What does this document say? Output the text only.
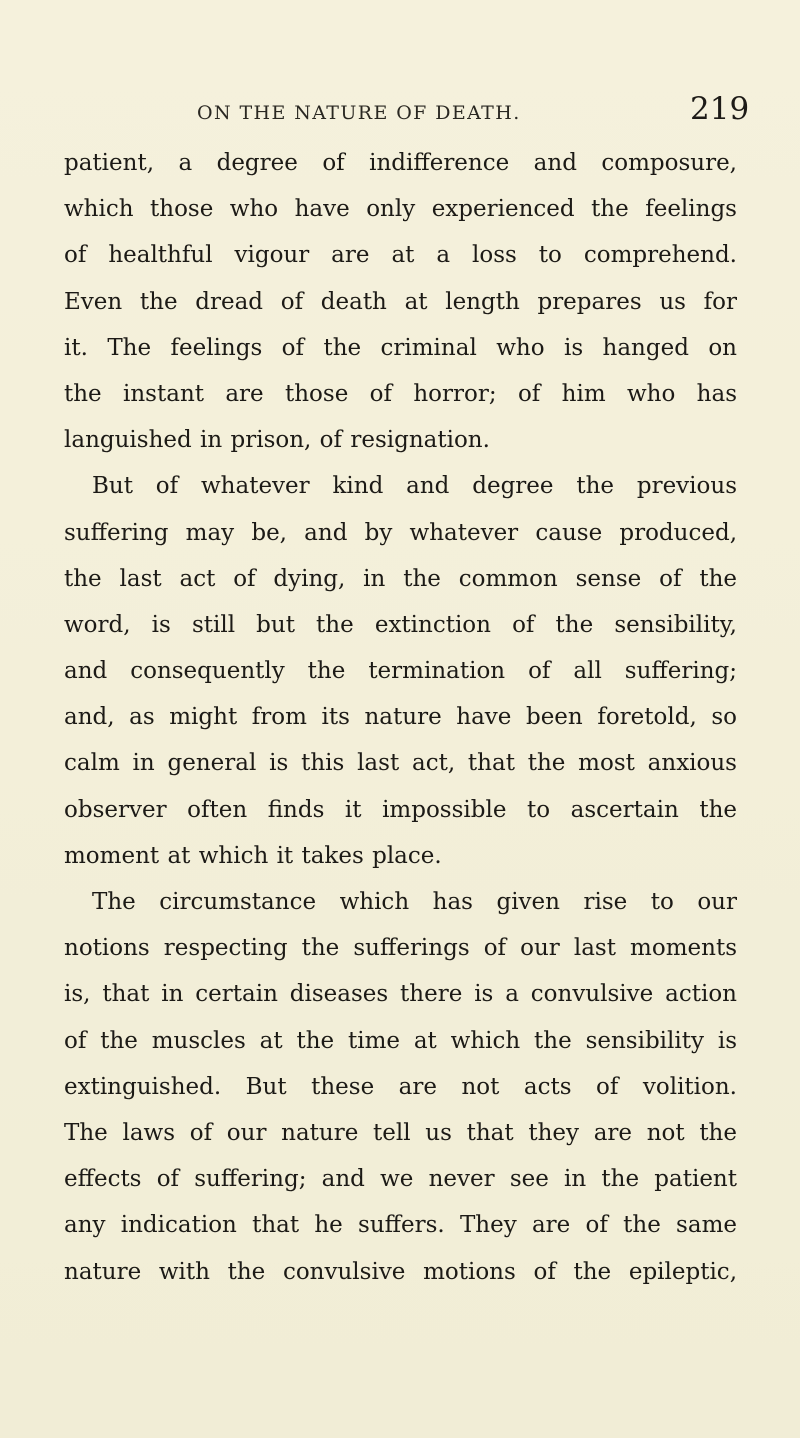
ON THE NATURE OF DEATH.	219
patient, a degree of indifference and composure,
which those who have only experienced the feelings
of healthful vigour are at a loss to comprehend.
Even the dread of death at length prepares us for
it. The feelings of the criminal who is hanged on
the instant are those of horror; of him who has
languished in prison, of resignation.
But of whatever kind and degree the previous
suffering may be, and by whatever cause produced,
the last act of dying, in the common sense of the
word, is still but the extinction of the sensibility,
and consequently the termination of all suffering;
and, as might from its nature have been foretold, so
calm in general is this last act, that the most anxious
observer often finds it impossible to ascertain the
moment at which it takes place.
The circumstance which has given rise to our
notions respecting the sufferings of our last moments
is, that in certain diseases there is a convulsive action
of the muscles at the time at which the sensibility is
extinguished. But these are not acts of volition.
The laws of our nature tell us that they are not the
effects of suffering; and we never see in the patient
any indication that he suffers. They are of the same
nature with the convulsive motions of the epileptic,
